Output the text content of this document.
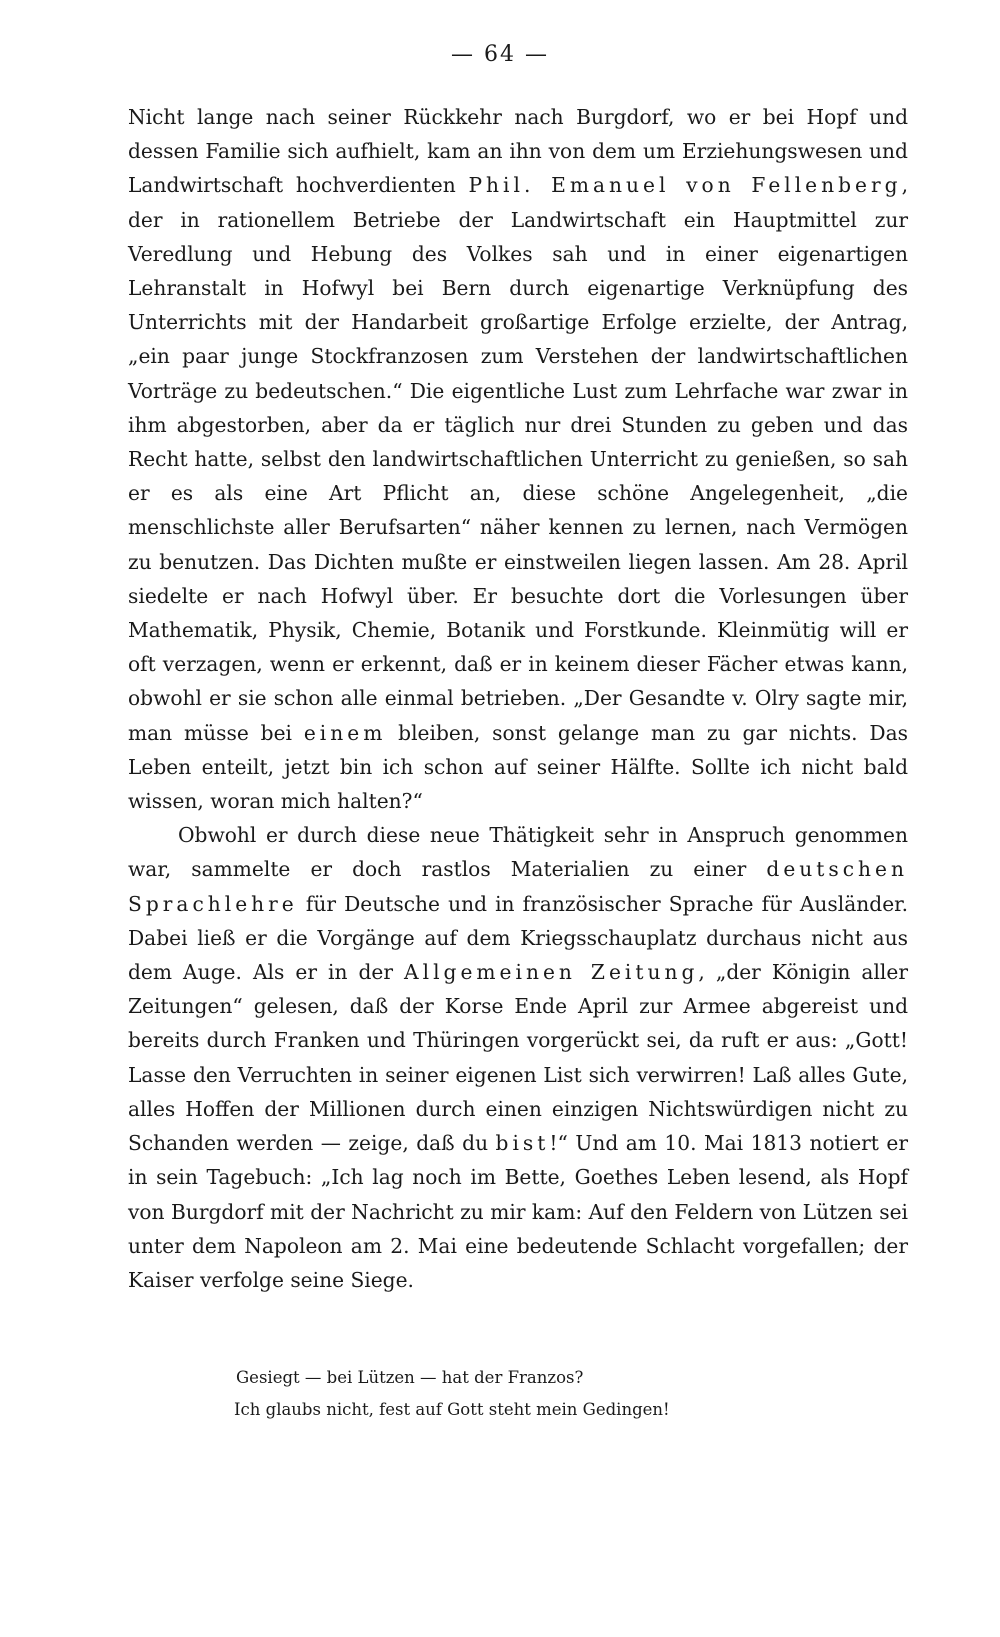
— 64 —

Nicht lange nach seiner Rückkehr nach Burgdorf, wo er bei Hopf und dessen Familie sich aufhielt, kam an ihn von dem um Erziehungswesen und Landwirtschaft hochverdienten Phil. Emanuel von Fellenberg, der in rationellem Betriebe der Landwirtschaft ein Hauptmittel zur Veredlung und Hebung des Volkes sah und in einer eigenartigen Lehranstalt in Hofwyl bei Bern durch eigenartige Verknüpfung des Unterrichts mit der Handarbeit großartige Erfolge erzielte, der Antrag, „ein paar junge Stockfranzosen zum Verstehen der landwirtschaftlichen Vorträge zu bedeutschen.“ Die eigentliche Lust zum Lehrfache war zwar in ihm abgestorben, aber da er täglich nur drei Stunden zu geben und das Recht hatte, selbst den landwirtschaftlichen Unterricht zu genießen, so sah er es als eine Art Pflicht an, diese schöne Angelegenheit, „die menschlichste aller Berufsarten“ näher kennen zu lernen, nach Vermögen zu benutzen. Das Dichten mußte er einstweilen liegen lassen. Am 28. April siedelte er nach Hofwyl über. Er besuchte dort die Vorlesungen über Mathematik, Physik, Chemie, Botanik und Forstkunde. Kleinmütig will er oft verzagen, wenn er erkennt, daß er in keinem dieser Fächer etwas kann, obwohl er sie schon alle einmal betrieben. „Der Gesandte v. Olry sagte mir, man müsse bei einem bleiben, sonst gelange man zu gar nichts. Das Leben enteilt, jetzt bin ich schon auf seiner Hälfte. Sollte ich nicht bald wissen, woran mich halten?“

Obwohl er durch diese neue Thätigkeit sehr in Anspruch genommen war, sammelte er doch rastlos Materialien zu einer deutschen Sprachlehre für Deutsche und in französischer Sprache für Ausländer. Dabei ließ er die Vorgänge auf dem Kriegsschauplatz durchaus nicht aus dem Auge. Als er in der Allgemeinen Zeitung, „der Königin aller Zeitungen“ gelesen, daß der Korse Ende April zur Armee abgereist und bereits durch Franken und Thüringen vorgerückt sei, da ruft er aus: „Gott! Lasse den Verruchten in seiner eigenen List sich verwirren! Laß alles Gute, alles Hoffen der Millionen durch einen einzigen Nichtswürdigen nicht zu Schanden werden — zeige, daß du bist!“ Und am 10. Mai 1813 notiert er in sein Tagebuch: „Ich lag noch im Bette, Goethes Leben lesend, als Hopf von Burgdorf mit der Nachricht zu mir kam: Auf den Feldern von Lützen sei unter dem Napoleon am 2. Mai eine bedeutende Schlacht vorgefallen; der Kaiser verfolge seine Siege.

Gesiegt — bei Lützen — hat der Franzos?
Ich glaubs nicht, fest auf Gott steht mein Gedingen!
